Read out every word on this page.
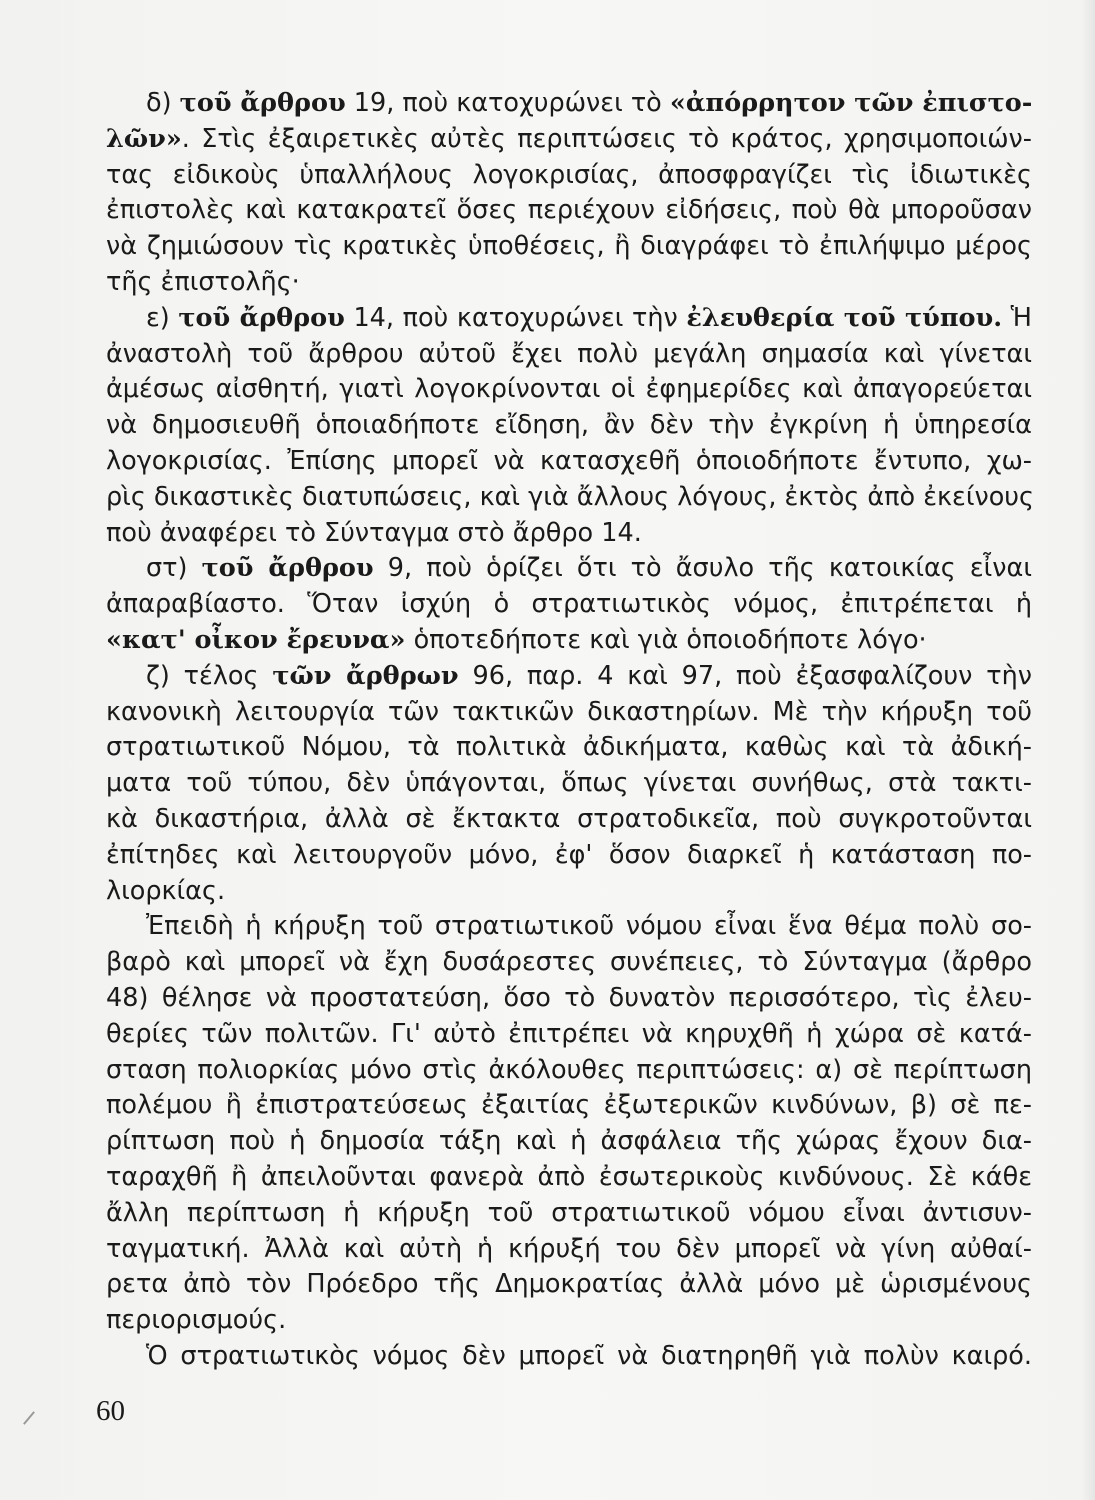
δ) τοῦ ἄρθρου 19, ποὺ κατοχυρώνει τὸ «ἀπόρρητον τῶν ἐπιστο-
λῶν». Στὶς ἐξαιρετικὲς αὐτὲς περιπτώσεις τὸ κράτος, χρησιμοποιών-
τας εἰδικοὺς ὑπαλλήλους λογοκρισίας, ἀποσφραγίζει τὶς ἰδιωτικὲς
ἐπιστολὲς καὶ κατακρατεῖ ὅσες περιέχουν εἰδήσεις, ποὺ θὰ μποροῦσαν
νὰ ζημιώσουν τὶς κρατικὲς ὑποθέσεις, ἢ διαγράφει τὸ ἐπιλήψιμο μέρος
τῆς ἐπιστολῆς·
ε) τοῦ ἄρθρου 14, ποὺ κατοχυρώνει τὴν ἐλευθερία τοῦ τύπου. Ἡ
ἀναστολὴ τοῦ ἄρθρου αὐτοῦ ἔχει πολὺ μεγάλη σημασία καὶ γίνεται
ἀμέσως αἰσθητή, γιατὶ λογοκρίνονται οἱ ἐφημερίδες καὶ ἀπαγορεύεται
νὰ δημοσιευθῆ ὁποιαδήποτε εἴδηση, ἂν δὲν τὴν ἐγκρίνη ἡ ὑπηρεσία
λογοκρισίας. Ἐπίσης μπορεῖ νὰ κατασχεθῆ ὁποιοδήποτε ἔντυπο, χω-
ρὶς δικαστικὲς διατυπώσεις, καὶ γιὰ ἄλλους λόγους, ἐκτὸς ἀπὸ ἐκείνους
ποὺ ἀναφέρει τὸ Σύνταγμα στὸ ἄρθρο 14.
στ) τοῦ ἄρθρου 9, ποὺ ὁρίζει ὅτι τὸ ἄσυλο τῆς κατοικίας εἶναι
ἀπαραβίαστο. Ὅταν ἰσχύη ὁ στρατιωτικὸς νόμος, ἐπιτρέπεται ἡ
«κατ' οἶκον ἔρευνα» ὁποτεδήποτε καὶ γιὰ ὁποιοδήποτε λόγο·
ζ) τέλος τῶν ἄρθρων 96, παρ. 4 καὶ 97, ποὺ ἐξασφαλίζουν τὴν
κανονικὴ λειτουργία τῶν τακτικῶν δικαστηρίων. Μὲ τὴν κήρυξη τοῦ
στρατιωτικοῦ Νόμου, τὰ πολιτικὰ ἀδικήματα, καθὼς καὶ τὰ ἀδική-
ματα τοῦ τύπου, δὲν ὑπάγονται, ὅπως γίνεται συνήθως, στὰ τακτι-
κὰ δικαστήρια, ἀλλὰ σὲ ἔκτακτα στρατοδικεῖα, ποὺ συγκροτοῦνται
ἐπίτηδες καὶ λειτουργοῦν μόνο, ἐφ' ὅσον διαρκεῖ ἡ κατάσταση πο-
λιορκίας.
Ἐπειδὴ ἡ κήρυξη τοῦ στρατιωτικοῦ νόμου εἶναι ἕνα θέμα πολὺ σο-
βαρὸ καὶ μπορεῖ νὰ ἔχη δυσάρεστες συνέπειες, τὸ Σύνταγμα (ἄρθρο
48) θέλησε νὰ προστατεύση, ὅσο τὸ δυνατὸν περισσότερο, τὶς ἐλευ-
θερίες τῶν πολιτῶν. Γι' αὐτὸ ἐπιτρέπει νὰ κηρυχθῆ ἡ χώρα σὲ κατά-
σταση πολιορκίας μόνο στὶς ἀκόλουθες περιπτώσεις: α) σὲ περίπτωση
πολέμου ἢ ἐπιστρατεύσεως ἐξαιτίας ἐξωτερικῶν κινδύνων, β) σὲ πε-
ρίπτωση ποὺ ἡ δημοσία τάξη καὶ ἡ ἀσφάλεια τῆς χώρας ἔχουν δια-
ταραχθῆ ἢ ἀπειλοῦνται φανερὰ ἀπὸ ἐσωτερικοὺς κινδύνους. Σὲ κάθε
ἄλλη περίπτωση ἡ κήρυξη τοῦ στρατιωτικοῦ νόμου εἶναι ἀντισυν-
ταγματική. Ἀλλὰ καὶ αὐτὴ ἡ κήρυξή του δὲν μπορεῖ νὰ γίνη αὐθαί-
ρετα ἀπὸ τὸν Πρόεδρο τῆς Δημοκρατίας ἀλλὰ μόνο μὲ ὡρισμένους
περιορισμούς.
Ὁ στρατιωτικὸς νόμος δὲν μπορεῖ νὰ διατηρηθῆ γιὰ πολὺν καιρό.
60
